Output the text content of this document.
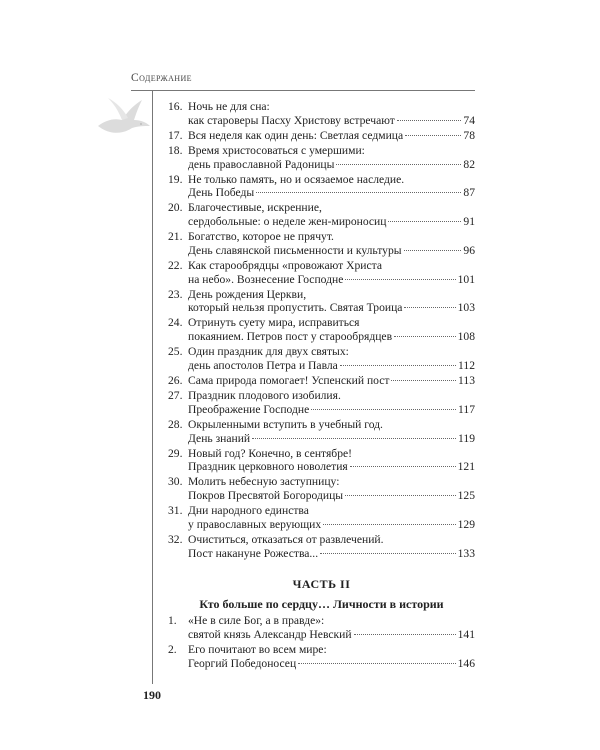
Содержание
16. Ночь не для сна:
как староверы Пасху Христову встречают	74
17. Вся неделя как один день: Светлая седмица	78
18. Время христосоваться с умершими:
день православной Радоницы	82
19. Не только память, но и осязаемое наследие.
День Победы	87
20. Благочестивые, искренние,
сердобольные: о неделе жен-мироносиц	91
21. Богатство, которое не прячут.
День славянской письменности и культуры	96
22. Как старообрядцы «провожают Христа
на небо». Вознесение Господне	101
23. День рождения Церкви,
который нельзя пропустить. Святая Троица	103
24. Отринуть суету мира, исправиться
покаянием. Петров пост у старообрядцев	108
25. Один праздник для двух святых:
день апостолов Петра и Павла	112
26. Сама природа помогает! Успенский пост	113
27. Праздник плодового изобилия.
Преображение Господне	117
28. Окрыленными вступить в учебный год.
День знаний	119
29. Новый год? Конечно, в сентябре!
Праздник церковного новолетия	121
30. Молить небесную заступницу:
Покров Пресвятой Богородицы	125
31. Дни народного единства
у православных верующих	129
32. Очиститься, отказаться от развлечений.
Пост накануне Рожества...	133
ЧАСТЬ II
Кто больше по сердцу… Личности в истории
1. «Не в силе Бог, а в правде»:
святой князь Александр Невский	141
2. Его почитают во всем мире:
Георгий Победоносец	146
190
